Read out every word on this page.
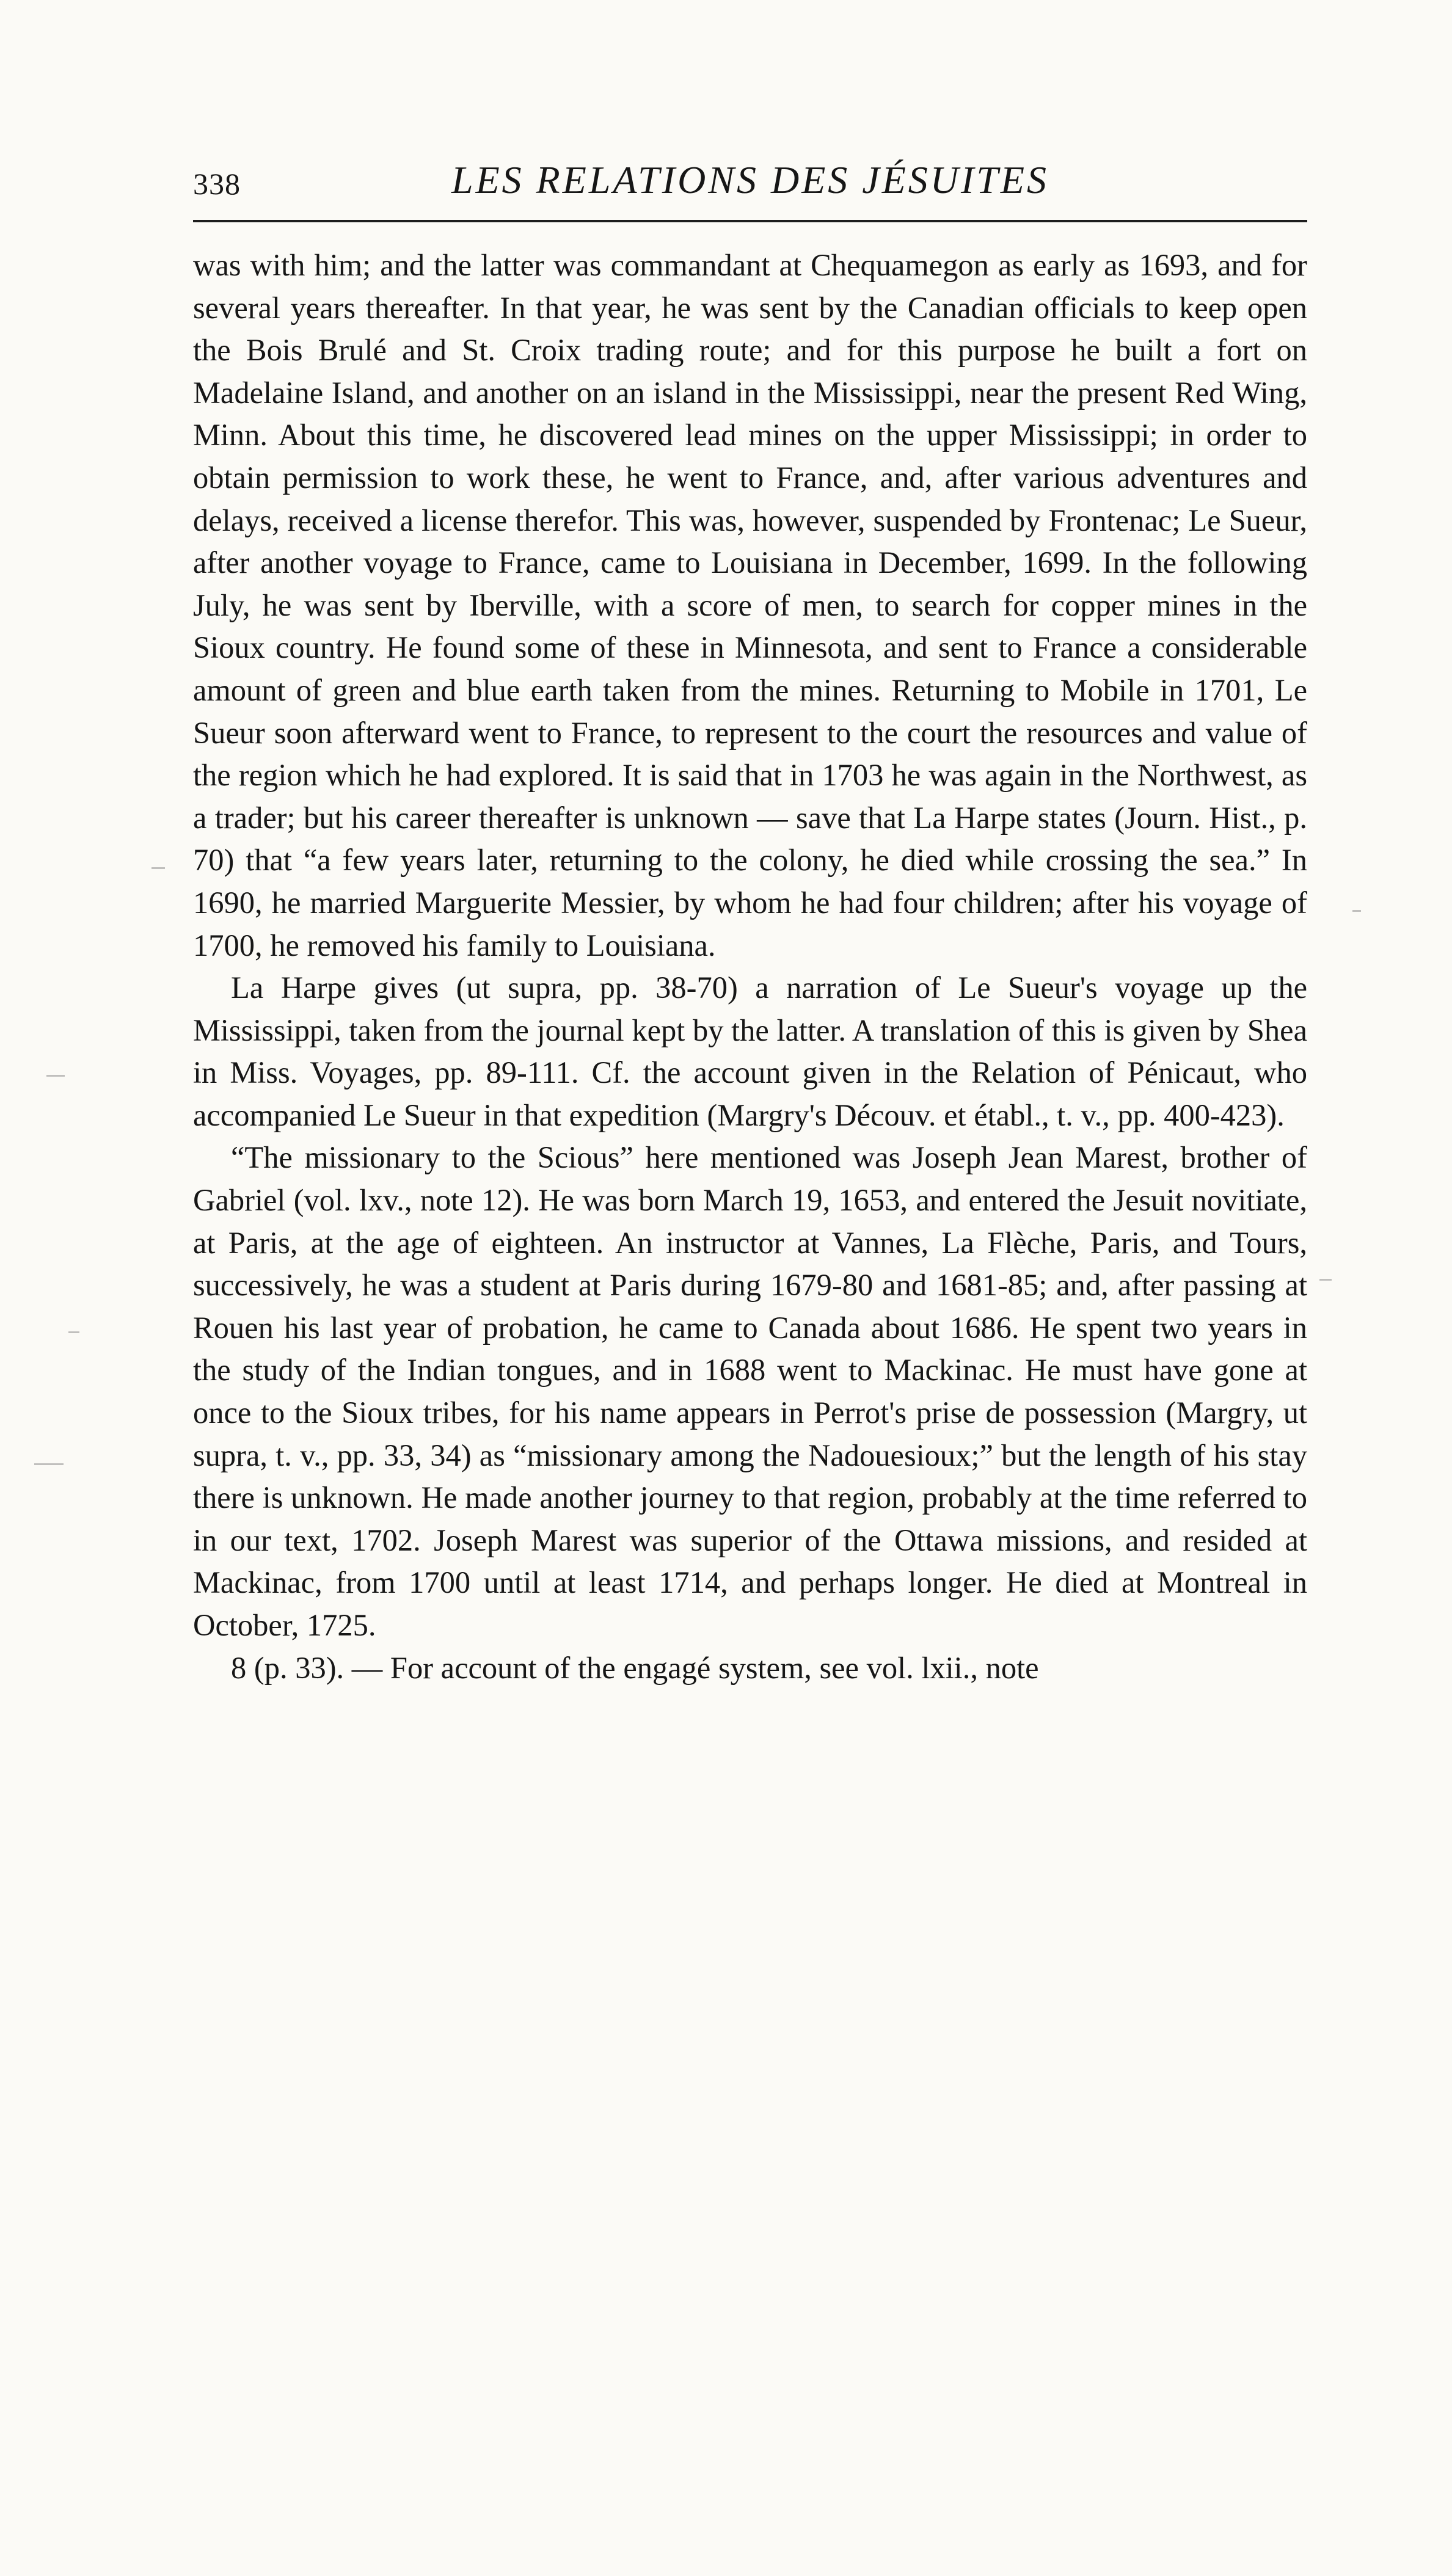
338	LES RELATIONS DES JÉSUITES

was with him; and the latter was commandant at Chequamegon as early as 1693, and for several years thereafter. In that year, he was sent by the Canadian officials to keep open the Bois Brulé and St. Croix trading route; and for this purpose he built a fort on Madelaine Island, and another on an island in the Mississippi, near the present Red Wing, Minn. About this time, he discovered lead mines on the upper Mississippi; in order to obtain permission to work these, he went to France, and, after various adventures and delays, received a license therefor. This was, however, suspended by Frontenac; Le Sueur, after another voyage to France, came to Louisiana in December, 1699. In the following July, he was sent by Iberville, with a score of men, to search for copper mines in the Sioux country. He found some of these in Minnesota, and sent to France a considerable amount of green and blue earth taken from the mines. Returning to Mobile in 1701, Le Sueur soon afterward went to France, to represent to the court the resources and value of the region which he had explored. It is said that in 1703 he was again in the Northwest, as a trader; but his career thereafter is unknown — save that La Harpe states (Journ. Hist., p. 70) that “a few years later, returning to the colony, he died while crossing the sea.” In 1690, he married Marguerite Messier, by whom he had four children; after his voyage of 1700, he removed his family to Louisiana.

La Harpe gives (ut supra, pp. 38-70) a narration of Le Sueur's voyage up the Mississippi, taken from the journal kept by the latter. A translation of this is given by Shea in Miss. Voyages, pp. 89-111. Cf. the account given in the Relation of Pénicaut, who accompanied Le Sueur in that expedition (Margry's Découv. et établ., t. v., pp. 400-423).

“The missionary to the Scious” here mentioned was Joseph Jean Marest, brother of Gabriel (vol. lxv., note 12). He was born March 19, 1653, and entered the Jesuit novitiate, at Paris, at the age of eighteen. An instructor at Vannes, La Flèche, Paris, and Tours, successively, he was a student at Paris during 1679-80 and 1681-85; and, after passing at Rouen his last year of probation, he came to Canada about 1686. He spent two years in the study of the Indian tongues, and in 1688 went to Mackinac. He must have gone at once to the Sioux tribes, for his name appears in Perrot's prise de possession (Margry, ut supra, t. v., pp. 33, 34) as “missionary among the Nadouesioux;” but the length of his stay there is unknown. He made another journey to that region, probably at the time referred to in our text, 1702. Joseph Marest was superior of the Ottawa missions, and resided at Mackinac, from 1700 until at least 1714, and perhaps longer. He died at Montreal in October, 1725.

8 (p. 33). — For account of the engagé system, see vol. lxii., note
